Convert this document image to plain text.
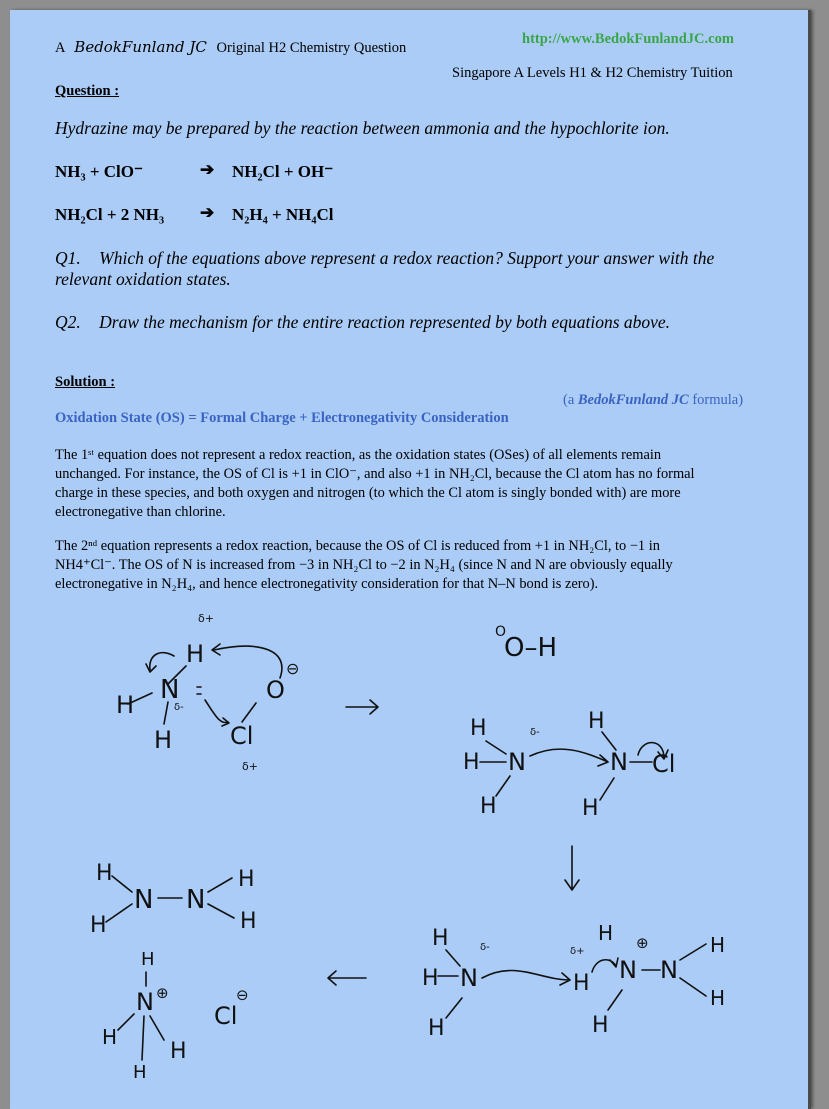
A BedokFunland JC Original H2 Chemistry Question
http://www.BedokFunlandJC.com
Singapore A Levels H1 & H2 Chemistry Tuition
Question :
Hydrazine may be prepared by the reaction between ammonia and the hypochlorite ion.
NH₃ + ClO⁻	➔ NH₂Cl + OH⁻
NH₂Cl + 2 NH₃ ➔ N₂H₄ + NH₄Cl
Q1. Which of the equations above represent a redox reaction? Support your answer with the
relevant oxidation states.
Q2. Draw the mechanism for the entire reaction represented by both equations above.
Solution :
(a BedokFunland JC formula)
Oxidation State (OS) = Formal Charge + Electronegativity Consideration
The 1ˢᵗ equation does not represent a redox reaction, as the oxidation states (OSes) of all elements remain
unchanged. For instance, the OS of Cl is +1 in ClO⁻, and also +1 in NH₂Cl, because the Cl atom has no formal
charge in these species, and both oxygen and nitrogen (to which the Cl atom is singly bonded with) are more
electronegative than chlorine.
The 2ⁿᵈ equation represents a redox reaction, because the OS of Cl is reduced from +1 in NH₂Cl, to −1 in
NH4⁺Cl⁻. The OS of N is increased from −3 in NH₂Cl to −2 in N₂H₄ (since N and N are obviously equally
electronegative in N₂H₄, and hence electronegativity consideration for that N–N bond is zero).
δ+
H
N
H
H
δ-
O
⊖
Cl
δ+
O
O–H
H
H N
δ-
H
H
N Cl
H
H
H N
δ-
H
δ+
H
H
N
⊕
H
N
H
H
H
H
N N
H
H
H
N ⊕
H
H
H
Cl
⊖
